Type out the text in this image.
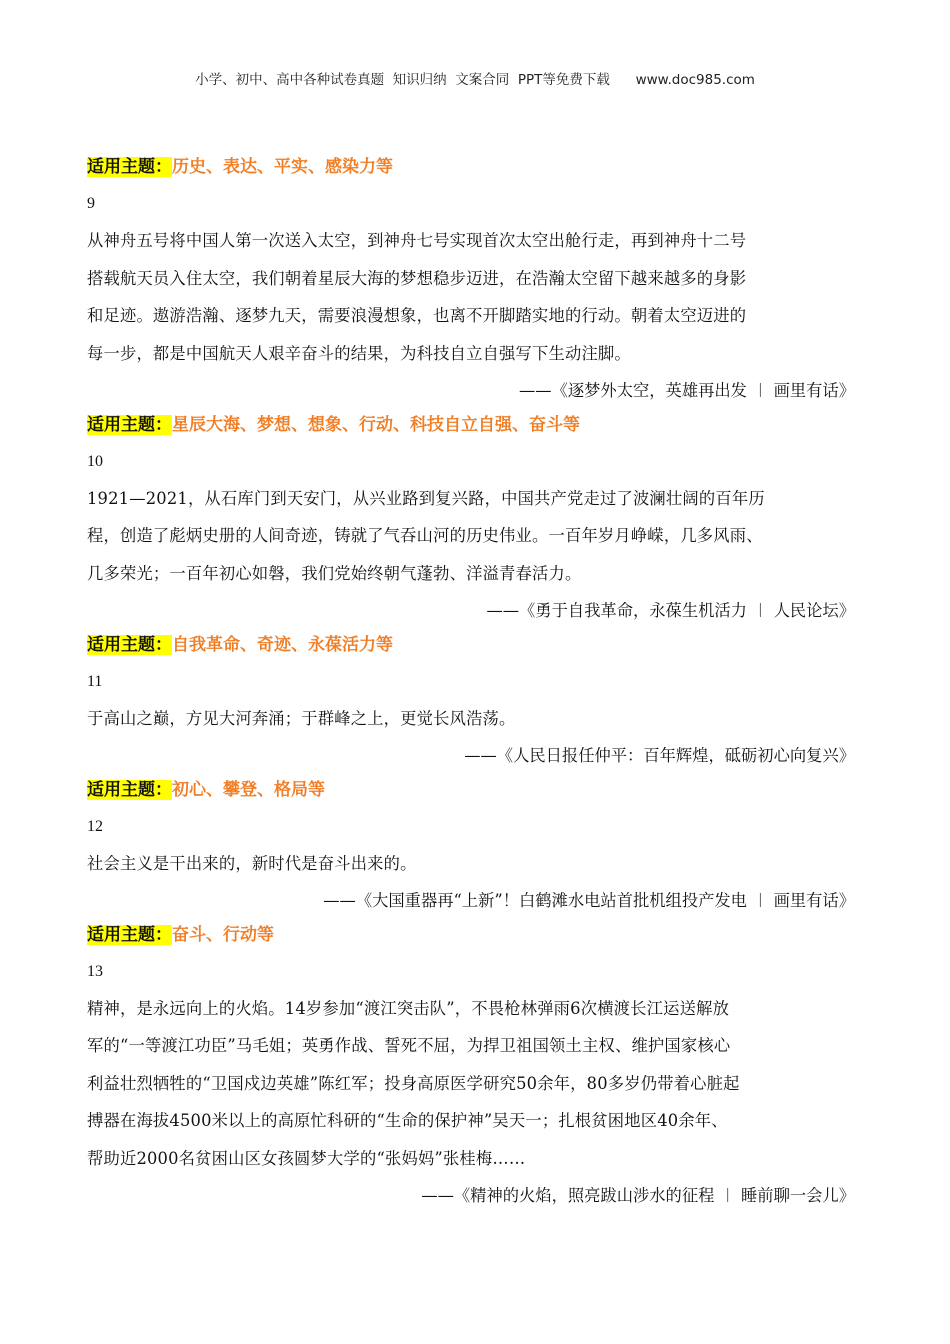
小学、初中、高中各种试卷真题  知识归纳  文案合同  PPT等免费下载      www.doc985.com
适用主题：历史、表达、平实、感染力等
9
从神舟五号将中国人第一次送入太空，到神舟七号实现首次太空出舱行走，再到神舟十二号
搭载航天员入住太空，我们朝着星辰大海的梦想稳步迈进，在浩瀚太空留下越来越多的身影
和足迹。遨游浩瀚、逐梦九天，需要浪漫想象，也离不开脚踏实地的行动。朝着太空迈进的
每一步，都是中国航天人艰辛奋斗的结果，为科技自立自强写下生动注脚。
——《逐梦外太空，英雄再出发 ︱ 画里有话》
适用主题：星辰大海、梦想、想象、行动、科技自立自强、奋斗等
10
1921—2021，从石库门到天安门，从兴业路到复兴路，中国共产党走过了波澜壮阔的百年历
程，创造了彪炳史册的人间奇迹，铸就了气吞山河的历史伟业。一百年岁月峥嵘，几多风雨、
几多荣光；一百年初心如磐，我们党始终朝气蓬勃、洋溢青春活力。
——《勇于自我革命，永葆生机活力 ︱ 人民论坛》
适用主题：自我革命、奇迹、永葆活力等
11
于高山之巅，方见大河奔涌；于群峰之上，更觉长风浩荡。
——《人民日报任仲平：百年辉煌，砥砺初心向复兴》
适用主题：初心、攀登、格局等
12
社会主义是干出来的，新时代是奋斗出来的。
——《大国重器再“上新”！白鹤滩水电站首批机组投产发电 ︱ 画里有话》
适用主题：奋斗、行动等
13
精神，是永远向上的火焰。14岁参加“渡江突击队”，不畏枪林弹雨6次横渡长江运送解放
军的“一等渡江功臣”马毛姐；英勇作战、誓死不屈，为捍卫祖国领土主权、维护国家核心
利益壮烈牺牲的“卫国戍边英雄”陈红军；投身高原医学研究50余年，80多岁仍带着心脏起
搏器在海拔4500米以上的高原忙科研的“生命的保护神”吴天一；扎根贫困地区40余年、
帮助近2000名贫困山区女孩圆梦大学的“张妈妈”张桂梅……
——《精神的火焰，照亮跋山涉水的征程 ︱ 睡前聊一会儿》
